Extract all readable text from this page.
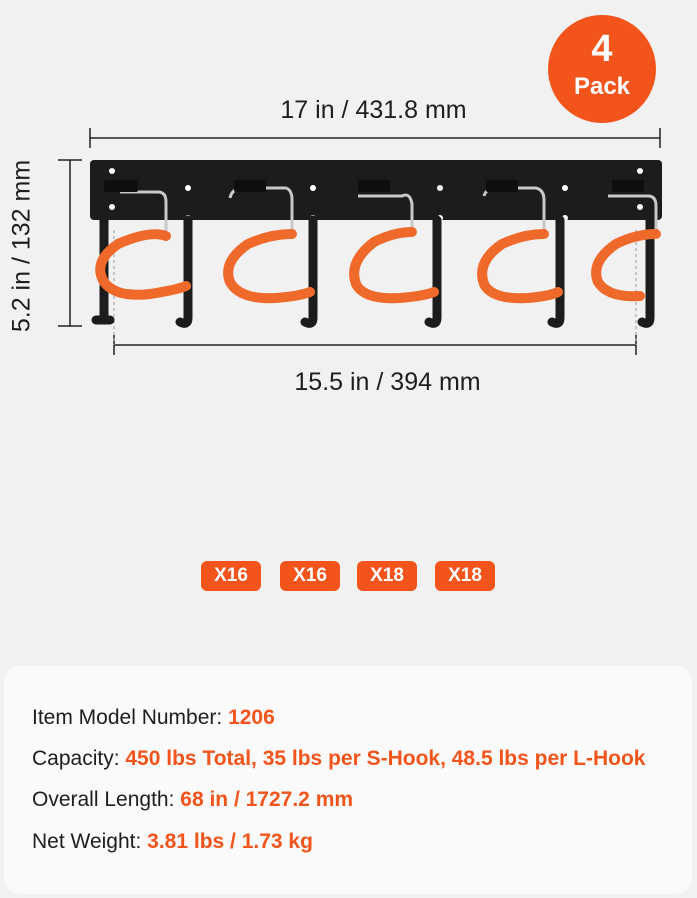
4
Pack
17 in / 431.8 mm
15.5 in / 394 mm
5.2 in / 132 mm
X16	X16	X18	X18
Item Model Number: 1206
Capacity: 450 lbs Total, 35 lbs per S-Hook, 48.5 lbs per L-Hook
Overall Length: 68 in / 1727.2 mm
Net Weight: 3.81 lbs / 1.73 kg
